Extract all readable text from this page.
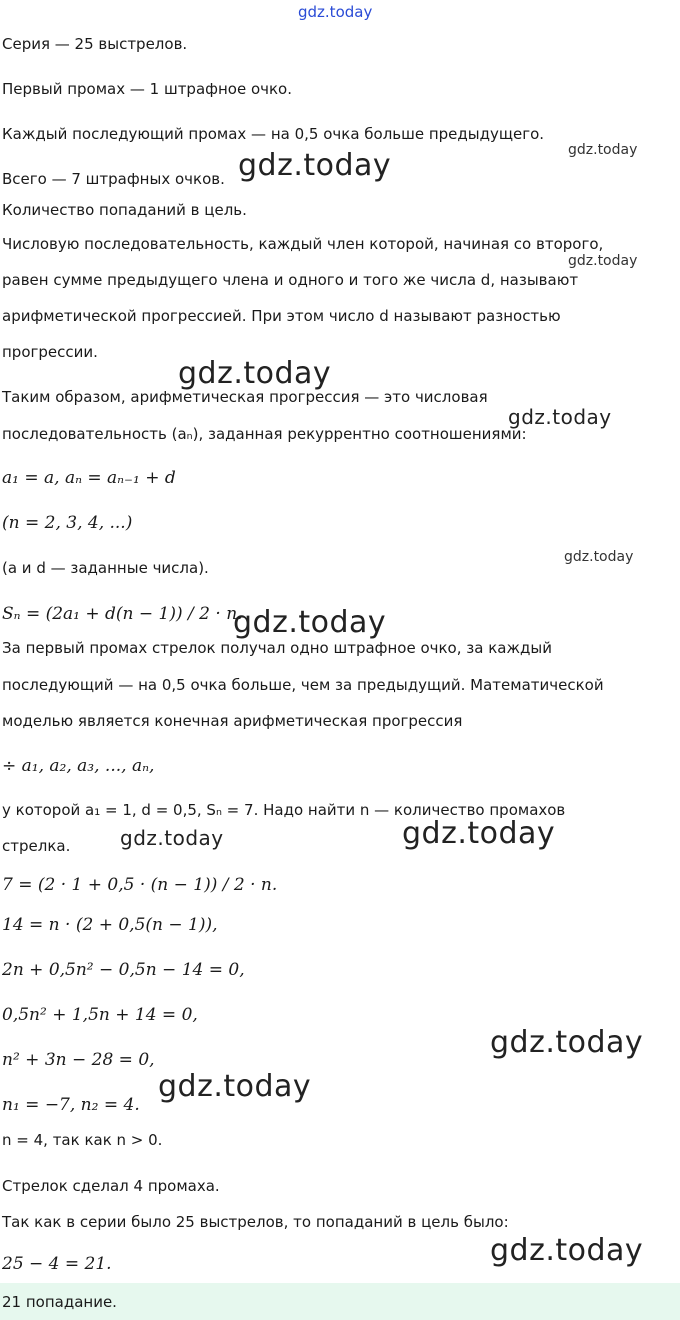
gdz.today
gdz.today
gdz.today
gdz.today
gdz.today
gdz.today
gdz.today
gdz.today
gdz.today	gdz.today
gdz.today
gdz.today
gdz.today
Серия — 25 выстрелов.
Первый промах — 1 штрафное очко.
Каждый последующий промах — на 0,5 очка больше предыдущего.
Всего — 7 штрафных очков.
Количество попаданий в цель.
Числовую последовательность, каждый член которой, начиная со второго,
равен сумме предыдущего члена и одного и того же числа d, называют
арифметической прогрессией. При этом число d называют разностью
прогрессии.
Таким образом, арифметическая прогрессия — это числовая
последовательность (aₙ), заданная рекуррентно соотношениями:
a₁ = a, aₙ = aₙ₋₁ + d
(n = 2, 3, 4, ...)
(a и d — заданные числа).
Sₙ = (2a₁ + d(n − 1)) / 2 · n.
За первый промах стрелок получал одно штрафное очко, за каждый
последующий — на 0,5 очка больше, чем за предыдущий. Математической
моделью является конечная арифметическая прогрессия
÷ a₁, a₂, a₃, ..., aₙ,
у которой a₁ = 1, d = 0,5, Sₙ = 7. Надо найти n — количество промахов
стрелка.
7 = (2 · 1 + 0,5 · (n − 1)) / 2 · n.
14 = n · (2 + 0,5(n − 1)),
2n + 0,5n² − 0,5n − 14 = 0,
0,5n² + 1,5n + 14 = 0,
n² + 3n − 28 = 0,
n₁ = −7, n₂ = 4.
n = 4, так как n > 0.
Стрелок сделал 4 промаха.
Так как в серии было 25 выстрелов, то попаданий в цель было:
25 − 4 = 21.
21 попадание.
